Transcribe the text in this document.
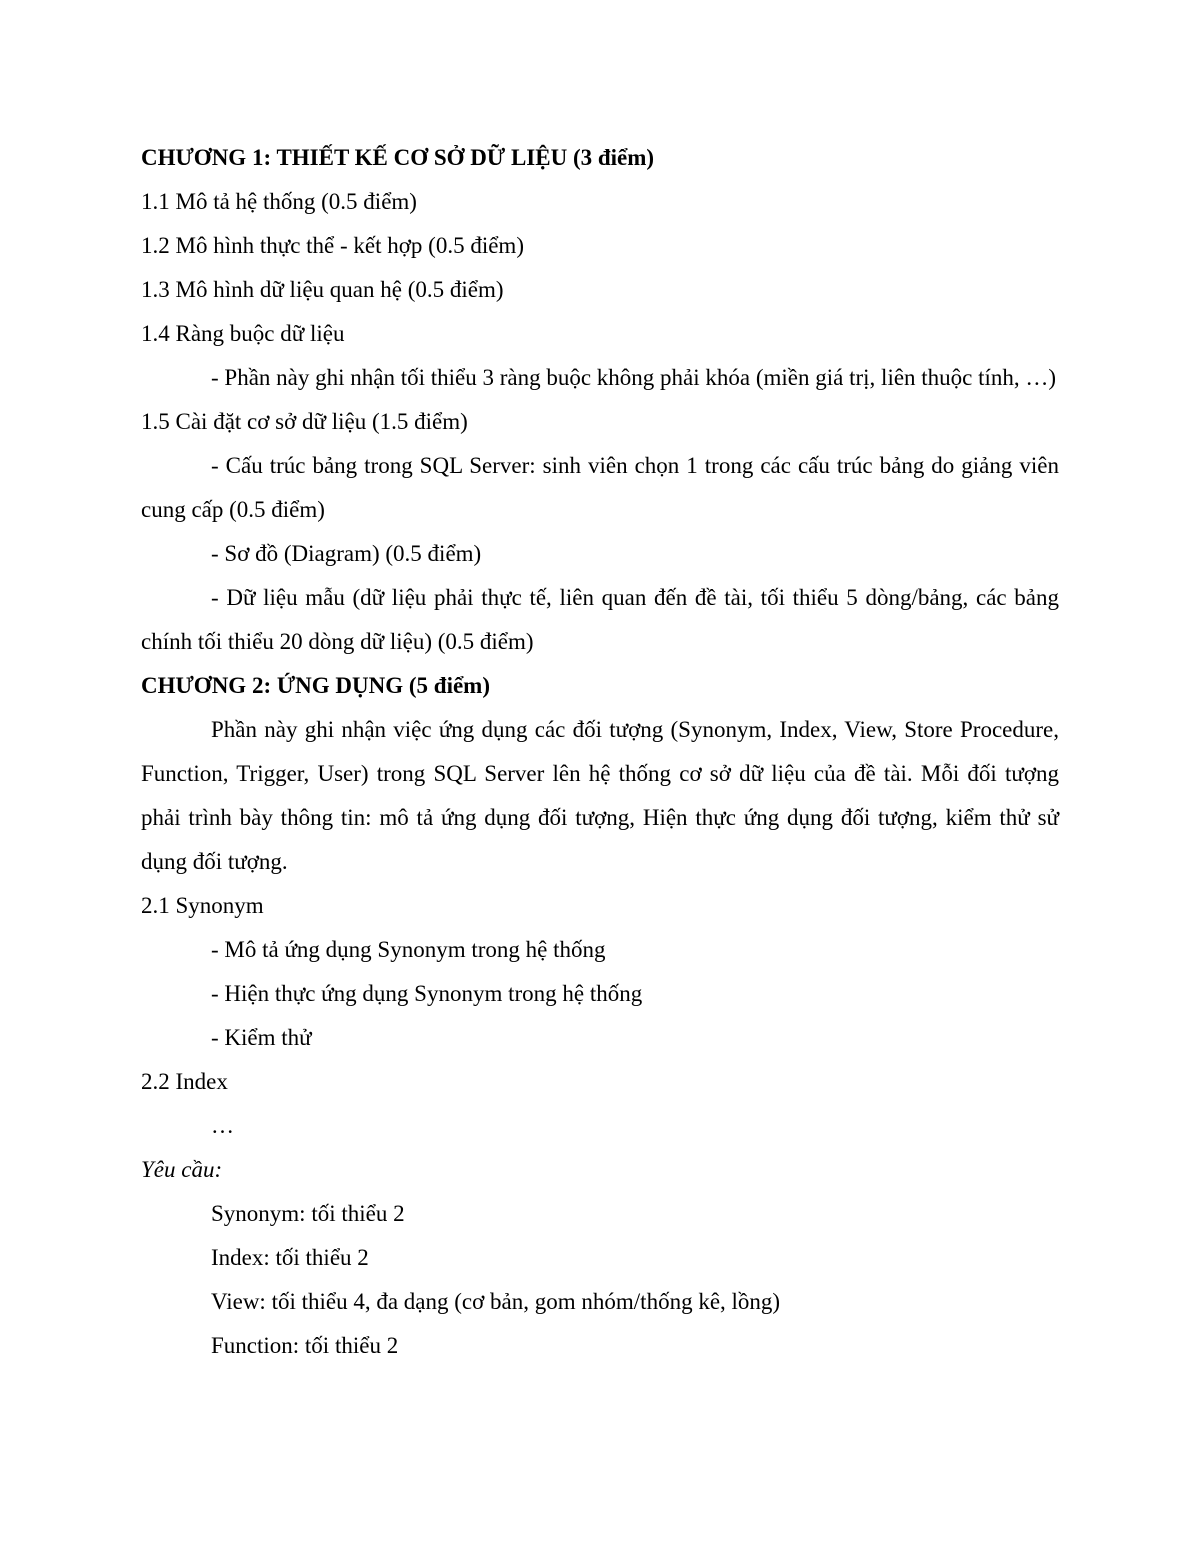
CHƯƠNG 1: THIẾT KẾ CƠ SỞ DỮ LIỆU (3 điểm)

1.1 Mô tả hệ thống (0.5 điểm)

1.2 Mô hình thực thể - kết hợp (0.5 điểm)

1.3 Mô hình dữ liệu quan hệ (0.5 điểm)

1.4 Ràng buộc dữ liệu

- Phần này ghi nhận tối thiểu 3 ràng buộc không phải khóa (miền giá trị, liên thuộc tính, …)

1.5 Cài đặt cơ sở dữ liệu (1.5 điểm)

- Cấu trúc bảng trong SQL Server: sinh viên chọn 1 trong các cấu trúc bảng do giảng viên cung cấp (0.5 điểm)

- Sơ đồ (Diagram) (0.5 điểm)

- Dữ liệu mẫu (dữ liệu phải thực tế, liên quan đến đề tài, tối thiểu 5 dòng/bảng, các bảng chính tối thiểu 20 dòng dữ liệu) (0.5 điểm)

CHƯƠNG 2: ỨNG DỤNG (5 điểm)

Phần này ghi nhận việc ứng dụng các đối tượng (Synonym, Index, View, Store Procedure, Function, Trigger, User) trong SQL Server lên hệ thống cơ sở dữ liệu của đề tài. Mỗi đối tượng phải trình bày thông tin: mô tả ứng dụng đối tượng, Hiện thực ứng dụng đối tượng, kiểm thử sử dụng đối tượng.

2.1 Synonym

- Mô tả ứng dụng Synonym trong hệ thống

- Hiện thực ứng dụng Synonym trong hệ thống

- Kiểm thử

2.2 Index

…

Yêu cầu:

Synonym: tối thiểu 2

Index: tối thiểu 2

View: tối thiểu 4, đa dạng (cơ bản, gom nhóm/thống kê, lồng)

Function: tối thiểu 2
